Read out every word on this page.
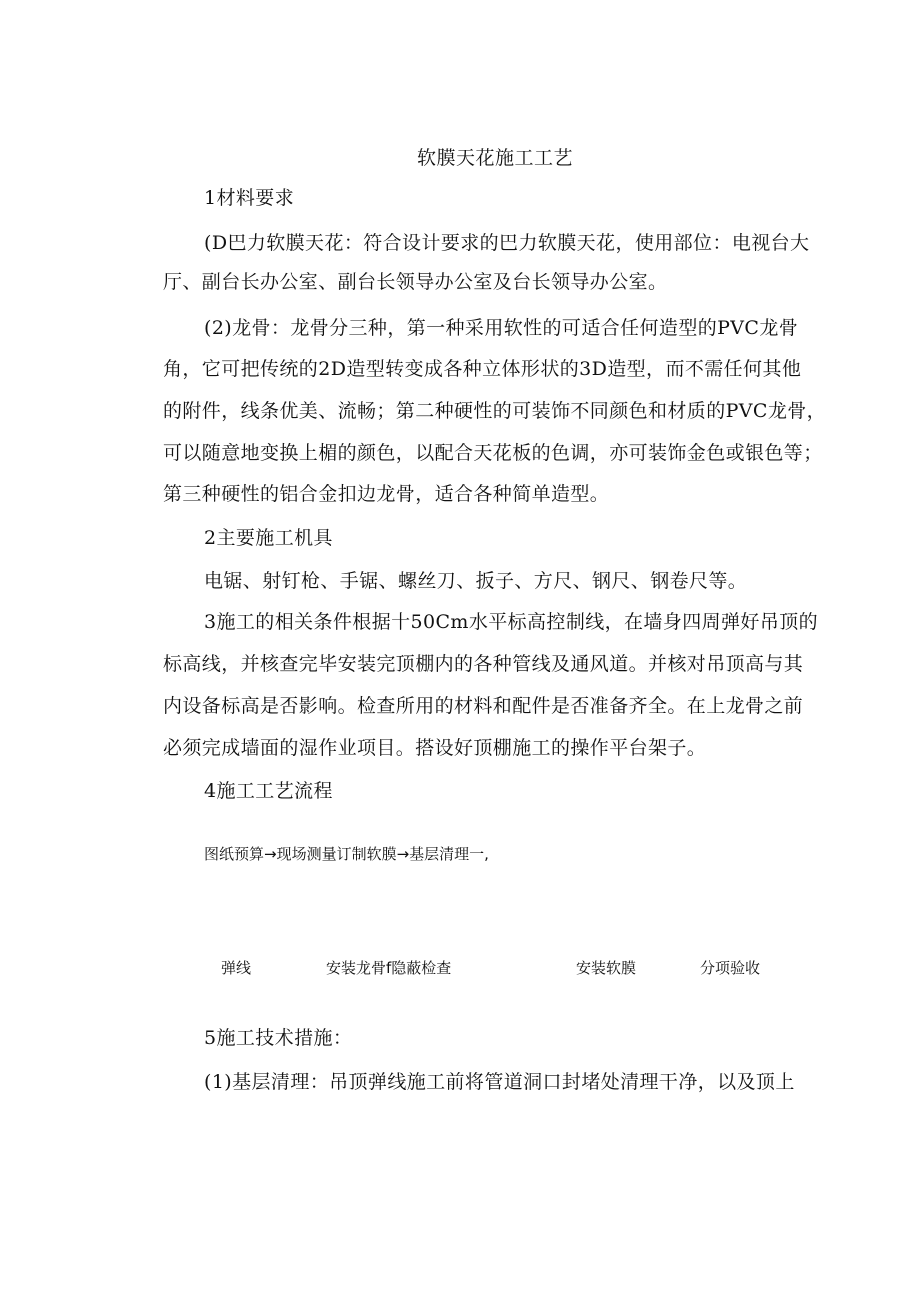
软膜天花施工工艺
1材料要求
(D巴力软膜天花：符合设计要求的巴力软膜天花，使用部位：电视台大
厅、副台长办公室、副台长领导办公室及台长领导办公室。
(2)龙骨：龙骨分三种，第一种采用软性的可适合任何造型的PVC龙骨
角，它可把传统的2D造型转变成各种立体形状的3D造型，而不需任何其他
的附件，线条优美、流畅；第二种硬性的可装饰不同颜色和材质的PVC龙骨，
可以随意地变换上楣的颜色，以配合天花板的色调，亦可装饰金色或银色等；
第三种硬性的铝合金扣边龙骨，适合各种简单造型。
2主要施工机具
电锯、射钉枪、手锯、螺丝刀、扳子、方尺、钢尺、钢卷尺等。
3施工的相关条件根据十50Cm水平标高控制线，在墙身四周弹好吊顶的
标高线，并核查完毕安装完顶棚内的各种管线及通风道。并核对吊顶高与其
内设备标高是否影响。检查所用的材料和配件是否准备齐全。在上龙骨之前
必须完成墙面的湿作业项目。搭设好顶棚施工的操作平台架子。
4施工工艺流程
图纸预算→现场测量订制软膜→基层清理一,
弹线	安装龙骨f隐蔽检查	安装软膜	分项验收
5施工技术措施：
(1)基层清理：吊顶弹线施工前将管道洞口封堵处清理干净，以及顶上
